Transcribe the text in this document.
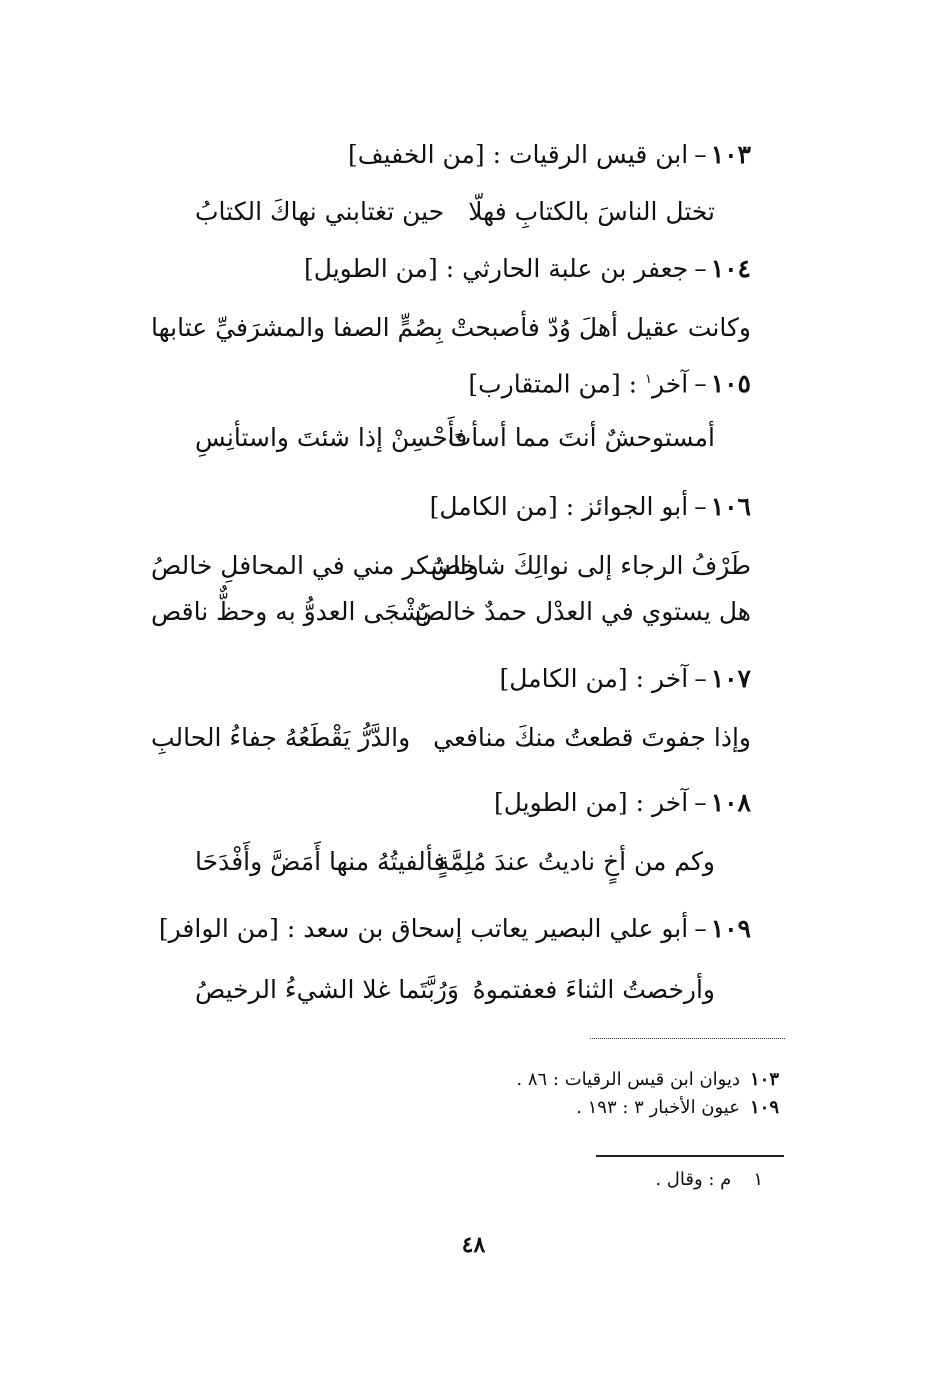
١٠٣–ابن قيس الرقيات : [من الخفيف]
تختل الناسَ بالكتابِ فهلّا
حين تغتابني نهاكَ الكتابُ
١٠٤–جعفر بن علبة الحارثي : [من الطويل]
وكانت عقيل أهلَ وُدّ فأصبحتْ
بِصُمٍّ الصفا والمشرَفيِّ عتابها
١٠٥–آخر$^١$ : [من المتقارب]
أمستوحشٌ أنتَ مما أسأتَ
فأَحْسِنْ إذا شئتَ واستأنِسِ
١٠٦–أبو الجوائز : [من الكامل]
طَرْفُ الرجاء إلى نوالِكَ شاخصُ
والشكر مني في المحافلِ خالصُ
هل يستوي في العدْل حمدٌ خالصٌ
يَشْجَى العدوُّ به وحظٌّ ناقص
١٠٧–آخر : [من الكامل]
وإذا جفوتَ قطعتُ منكَ منافعي
والدَّرُّ يَقْطَعُهُ جفاءُ الحالبِ
١٠٨–آخر : [من الطويل]
وكم من أخٍ ناديتُ عندَ مُلِمَّةٍ
فألفيتُهُ منها أَمَضَّ وأَفْدَحَا
١٠٩–أبو علي البصير يعاتب إسحاق بن سعد : [من الوافر]
وأرخصتُ الثناءَ فعفتموهُ
وَرُبَّتَما غلا الشيءُ الرخيصُ
١٠٣ديوان ابن قيس الرقيات : ٨٦ .
١٠٩عيون الأخبار ٣ : ١٩٣ .
١م : وقال .
٤٨
